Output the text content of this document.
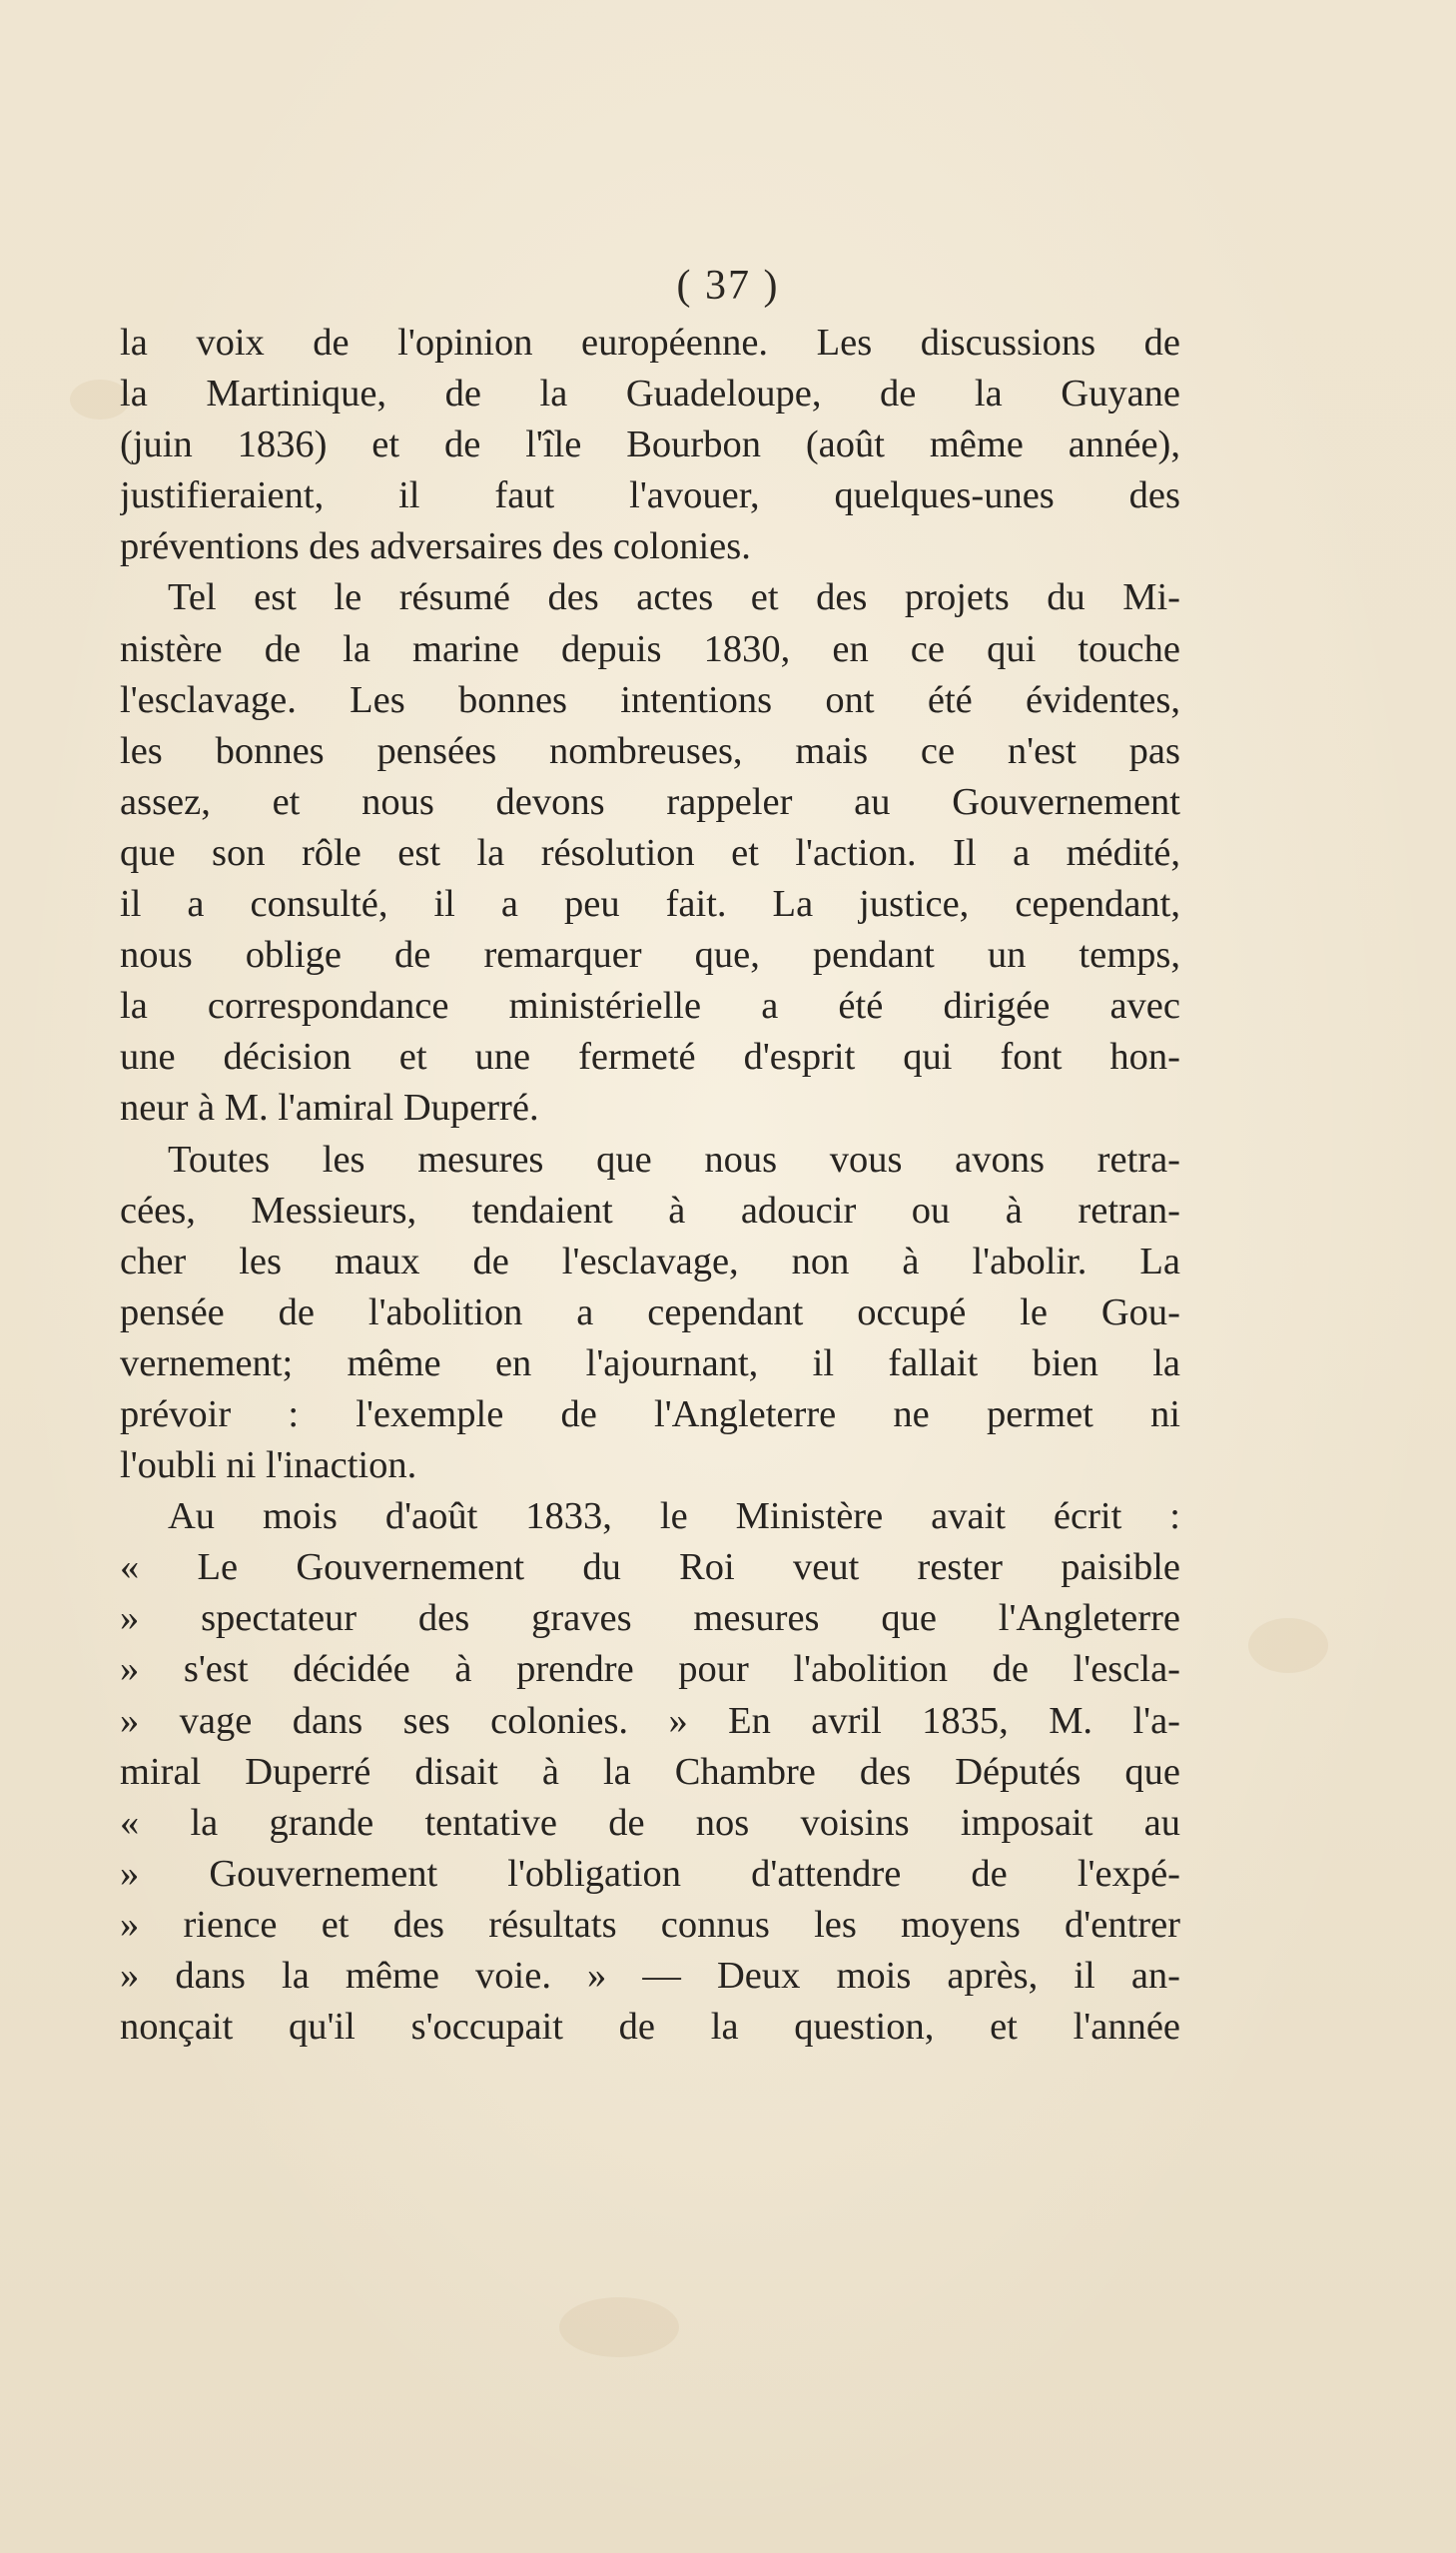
( 37 )
la voix de l'opinion européenne. Les discussions de
la Martinique, de la Guadeloupe, de la Guyane
(juin 1836) et de l'île Bourbon (août même année),
justifieraient, il faut l'avouer, quelques-unes des
préventions des adversaires des colonies.
Tel est le résumé des actes et des projets du Mi-
nistère de la marine depuis 1830, en ce qui touche
l'esclavage. Les bonnes intentions ont été évidentes,
les bonnes pensées nombreuses, mais ce n'est pas
assez, et nous devons rappeler au Gouvernement
que son rôle est la résolution et l'action. Il a médité,
il a consulté, il a peu fait. La justice, cependant,
nous oblige de remarquer que, pendant un temps,
la correspondance ministérielle a été dirigée avec
une décision et une fermeté d'esprit qui font hon-
neur à M. l'amiral Duperré.
Toutes les mesures que nous vous avons retra-
cées, Messieurs, tendaient à adoucir ou à retran-
cher les maux de l'esclavage, non à l'abolir. La
pensée de l'abolition a cependant occupé le Gou-
vernement; même en l'ajournant, il fallait bien la
prévoir : l'exemple de l'Angleterre ne permet ni
l'oubli ni l'inaction.
Au mois d'août 1833, le Ministère avait écrit :
« Le Gouvernement du Roi veut rester paisible
» spectateur des graves mesures que l'Angleterre
» s'est décidée à prendre pour l'abolition de l'escla-
» vage dans ses colonies. » En avril 1835, M. l'a-
miral Duperré disait à la Chambre des Députés que
« la grande tentative de nos voisins imposait au
» Gouvernement l'obligation d'attendre de l'expé-
» rience et des résultats connus les moyens d'entrer
» dans la même voie. » — Deux mois après, il an-
nonçait qu'il s'occupait de la question, et l'année
